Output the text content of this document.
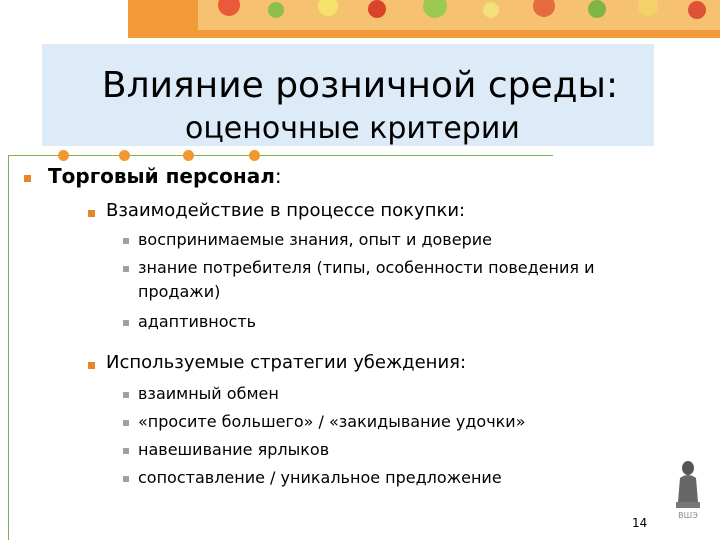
Влияние розничной среды:
оценочные критерии
Торговый персонал:
Взаимодействие в процессе покупки:
воспринимаемые знания, опыт и доверие
знание потребителя (типы, особенности поведения и
продажи)
адаптивность
Используемые стратегии убеждения:
взаимный обмен
«просите большего» / «закидывание удочки»
навешивание ярлыков
сопоставление / уникальное предложение
ВШЭ
14
